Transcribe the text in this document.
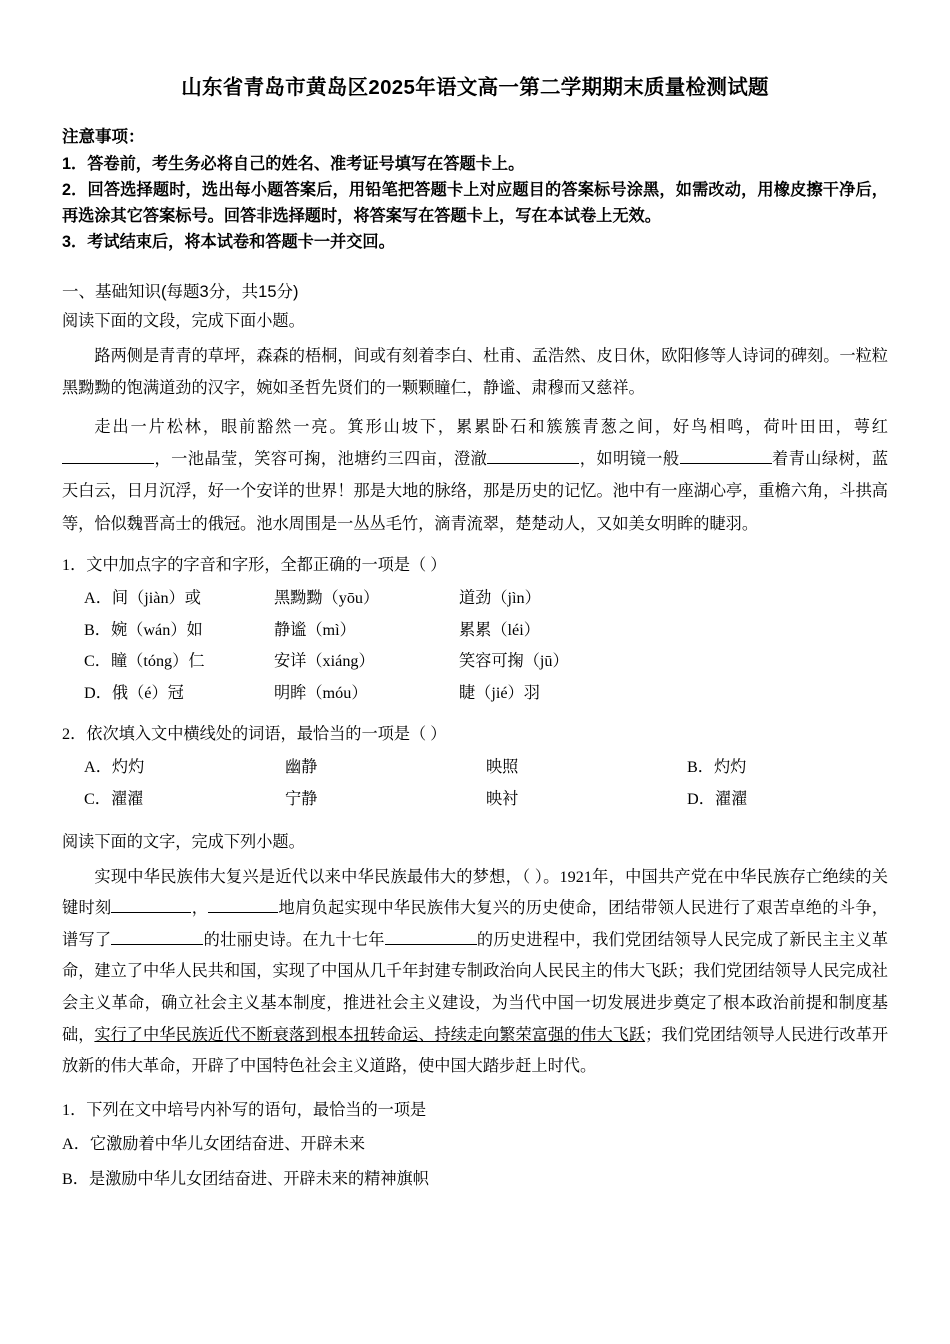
山东省青岛市黄岛区2025年语文高一第二学期期末质量检测试题
注意事项：

1．答卷前，考生务必将自己的姓名、准考证号填写在答题卡上。

2．回答选择题时，选出每小题答案后，用铅笔把答题卡上对应题目的答案标号涂黑，如需改动，用橡皮擦干净后，再选涂其它答案标号。回答非选择题时，将答案写在答题卡上，写在本试卷上无效。

3．考试结束后，将本试卷和答题卡一并交回。

一、基础知识(每题3分，共15分)

阅读下面的文段，完成下面小题。

路两侧是青青的草坪，森森的梧桐，间或有刻着李白、杜甫、孟浩然、皮日休，欧阳修等人诗词的碑刻。一粒粒黑黝黝的饱满道劲的汉字，婉如圣哲先贤们的一颗颗瞳仁，静谧、肃穆而又慈祥。

走出一片松林，眼前豁然一亮。箕形山坡下，累累卧石和簇簇青葱之间，好鸟相鸣，荷叶田田，萼红，一池晶莹，笑容可掬，池塘约三四亩，澄澈	，如明镜一般	着青山绿树，蓝天白云，日月沉浮，好一个安详的世界！那是大地的脉络，那是历史的记忆。池中有一座湖心亭，重檐六角，斗拱高等，恰似魏晋高士的俄冠。池水周围是一丛丛毛竹，滴青流翠，楚楚动人，又如美女明眸的睫羽。

1．文中加点字的字音和字形，全都正确的一项是（ ）

A．间（jiàn）或	黑黝黝（yōu）	道劲（jìn）
B．婉（wán）如	静谧（mì）	累累（léi）
C．瞳（tóng）仁	安详（xiáng）	笑容可掬（jū）
D．俄（é）冠	明眸（móu）	睫（jié）羽

2．依次填入文中横线处的词语，最恰当的一项是（ ）

A．灼灼	幽静	映照	B．灼灼
C．濯濯	宁静	映衬	D．濯濯

阅读下面的文字，完成下列小题。

实现中华民族伟大复兴是近代以来中华民族最伟大的梦想，（ ）。1921年，中国共产党在中华民族存亡绝续的关键时刻	，	地肩负起实现中华民族伟大复兴的历史使命，团结带领人民进行了艰苦卓绝的斗争，谱写了	的壮丽史诗。在九十七年	的历史进程中，我们党团结领导人民完成了新民主主义革命，建立了中华人民共和国，实现了中国从几千年封建专制政治向人民民主的伟大飞跃；我们党团结领导人民完成社会主义革命，确立社会主义基本制度，推进社会主义建设，为当代中国一切发展进步奠定了根本政治前提和制度基础，实行了中华民族近代不断衰落到根本扭转命运、持续走向繁荣富强的伟大飞跃；我们党团结领导人民进行改革开放新的伟大革命，开辟了中国特色社会主义道路，使中国大踏步赶上时代。

1．下列在文中培号内补写的语句，最恰当的一项是

A．它激励着中华儿女团结奋进、开辟未来

B．是激励中华儿女团结奋进、开辟未来的精神旗帜
